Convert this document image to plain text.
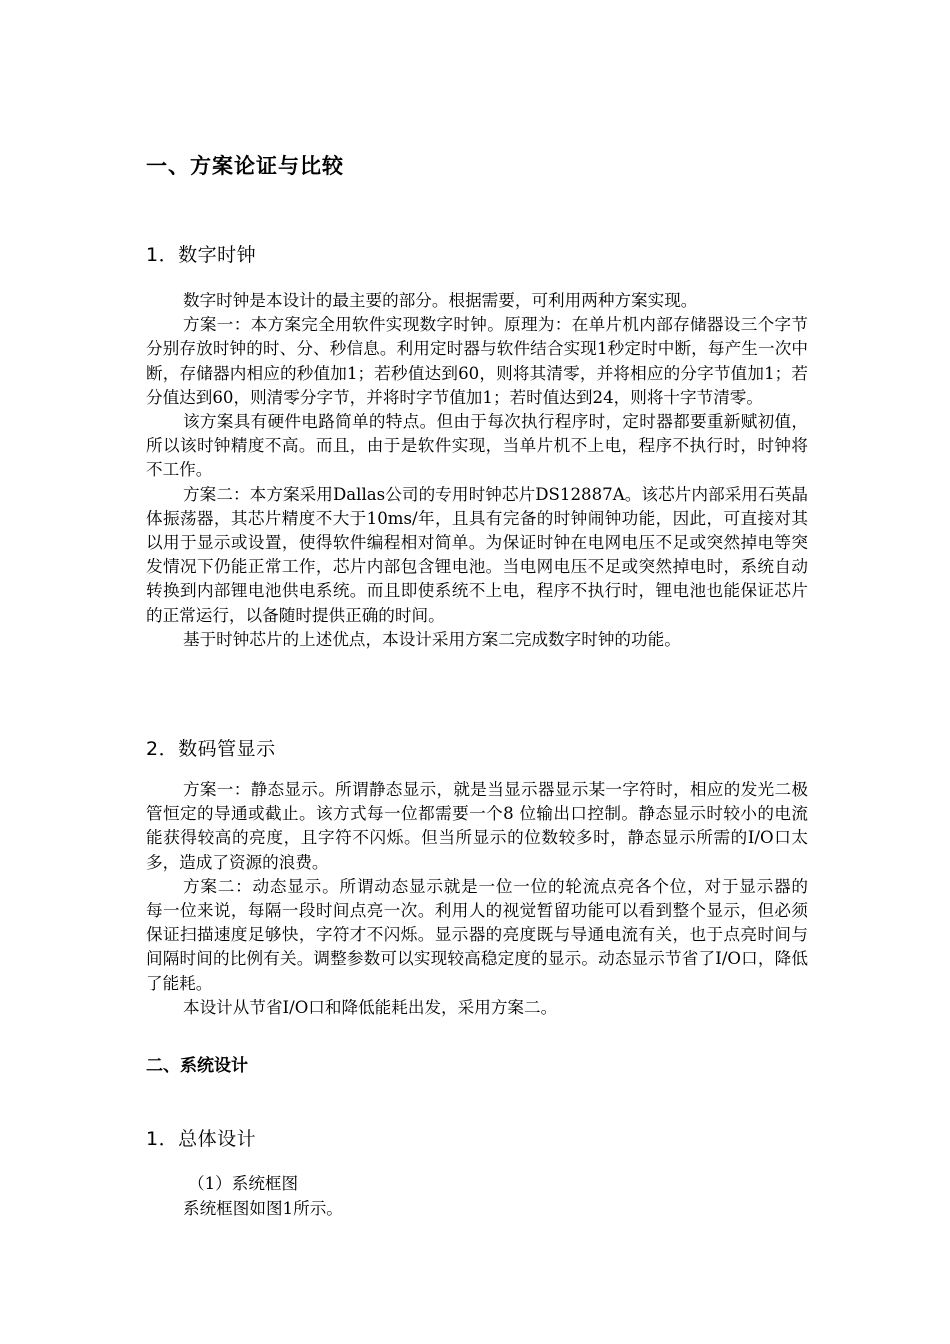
一、方案论证与比较
1．数字时钟

数字时钟是本设计的最主要的部分。根据需要，可利用两种方案实现。

方案一：本方案完全用软件实现数字时钟。原理为：在单片机内部存储器设三个字节分别存放时钟的时、分、秒信息。利用定时器与软件结合实现1秒定时中断，每产生一次中断，存储器内相应的秒值加1；若秒值达到60，则将其清零，并将相应的分字节值加1；若分值达到60，则清零分字节，并将时字节值加1；若时值达到24，则将十字节清零。

该方案具有硬件电路简单的特点。但由于每次执行程序时，定时器都要重新赋初值，所以该时钟精度不高。而且，由于是软件实现，当单片机不上电，程序不执行时，时钟将不工作。

方案二：本方案采用Dallas公司的专用时钟芯片DS12887A。该芯片内部采用石英晶体振荡器，其芯片精度不大于10ms/年，且具有完备的时钟闹钟功能，因此，可直接对其以用于显示或设置，使得软件编程相对简单。为保证时钟在电网电压不足或突然掉电等突发情况下仍能正常工作，芯片内部包含锂电池。当电网电压不足或突然掉电时，系统自动转换到内部锂电池供电系统。而且即使系统不上电，程序不执行时，锂电池也能保证芯片的正常运行，以备随时提供正确的时间。

基于时钟芯片的上述优点，本设计采用方案二完成数字时钟的功能。

2．数码管显示

方案一：静态显示。所谓静态显示，就是当显示器显示某一字符时，相应的发光二极管恒定的导通或截止。该方式每一位都需要一个8 位输出口控制。静态显示时较小的电流能获得较高的亮度，且字符不闪烁。但当所显示的位数较多时，静态显示所需的I/O口太多，造成了资源的浪费。

方案二：动态显示。所谓动态显示就是一位一位的轮流点亮各个位，对于显示器的　　每一位来说，每隔一段时间点亮一次。利用人的视觉暂留功能可以看到整个显示，但必须保证扫描速度足够快，字符才不闪烁。显示器的亮度既与导通电流有关，也于点亮时间与间隔时间的比例有关。调整参数可以实现较高稳定度的显示。动态显示节省了I/O口，降低了能耗。

本设计从节省I/O口和降低能耗出发，采用方案二。

二、系统设计
1．总体设计
（1）系统框图
系统框图如图1所示。
